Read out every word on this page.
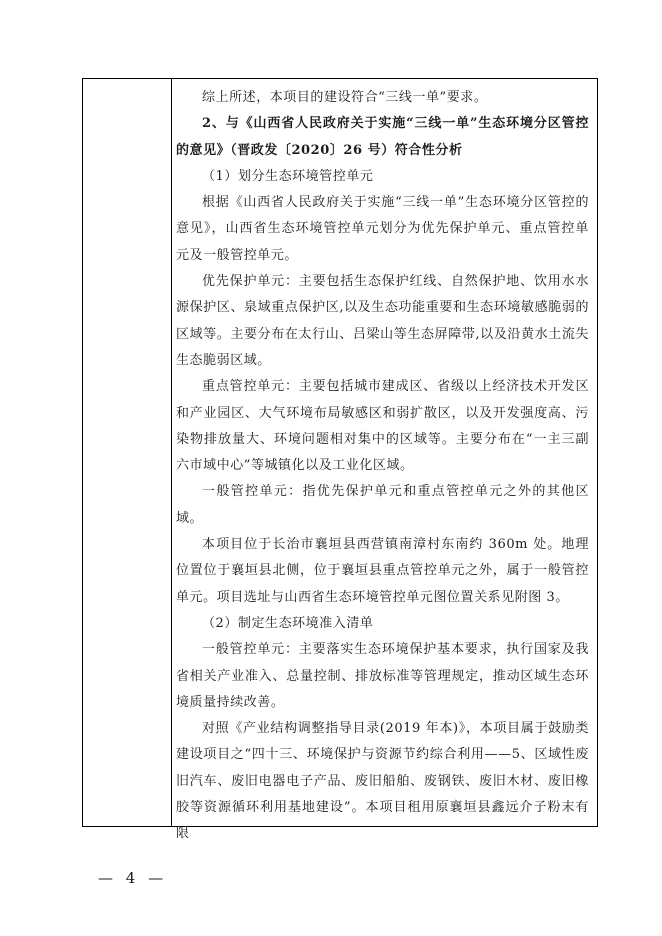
综上所述，本项目的建设符合“三线一单”要求。

2、与《山西省人民政府关于实施“三线一单”生态环境分区管控的意见》（晋政发〔2020〕26 号）符合性分析

（1）划分生态环境管控单元

根据《山西省人民政府关于实施“三线一单”生态环境分区管控的意见》，山西省生态环境管控单元划分为优先保护单元、重点管控单元及一般管控单元。

优先保护单元：主要包括生态保护红线、自然保护地、饮用水水源保护区、泉域重点保护区,以及生态功能重要和生态环境敏感脆弱的区域等。主要分布在太行山、吕梁山等生态屏障带,以及沿黄水土流失生态脆弱区域。

重点管控单元：主要包括城市建成区、省级以上经济技术开发区和产业园区、大气环境布局敏感区和弱扩散区，以及开发强度高、污染物排放量大、环境问题相对集中的区域等。主要分布在“一主三副六市域中心”等城镇化以及工业化区域。

一般管控单元：指优先保护单元和重点管控单元之外的其他区域。

本项目位于长治市襄垣县西营镇南漳村东南约 360m 处。地理位置位于襄垣县北侧，位于襄垣县重点管控单元之外，属于一般管控单元。项目选址与山西省生态环境管控单元图位置关系见附图 3。

（2）制定生态环境准入清单

一般管控单元：主要落实生态环境保护基本要求，执行国家及我省相关产业准入、总量控制、排放标准等管理规定，推动区域生态环境质量持续改善。

对照《产业结构调整指导目录(2019 年本)》，本项目属于鼓励类建设项目之“四十三、环境保护与资源节约综合利用——5、区域性废旧汽车、废旧电器电子产品、废旧船舶、废钢铁、废旧木材、废旧橡胶等资源循环利用基地建设”。本项目租用原襄垣县鑫远介子粉末有限

— 4 —
